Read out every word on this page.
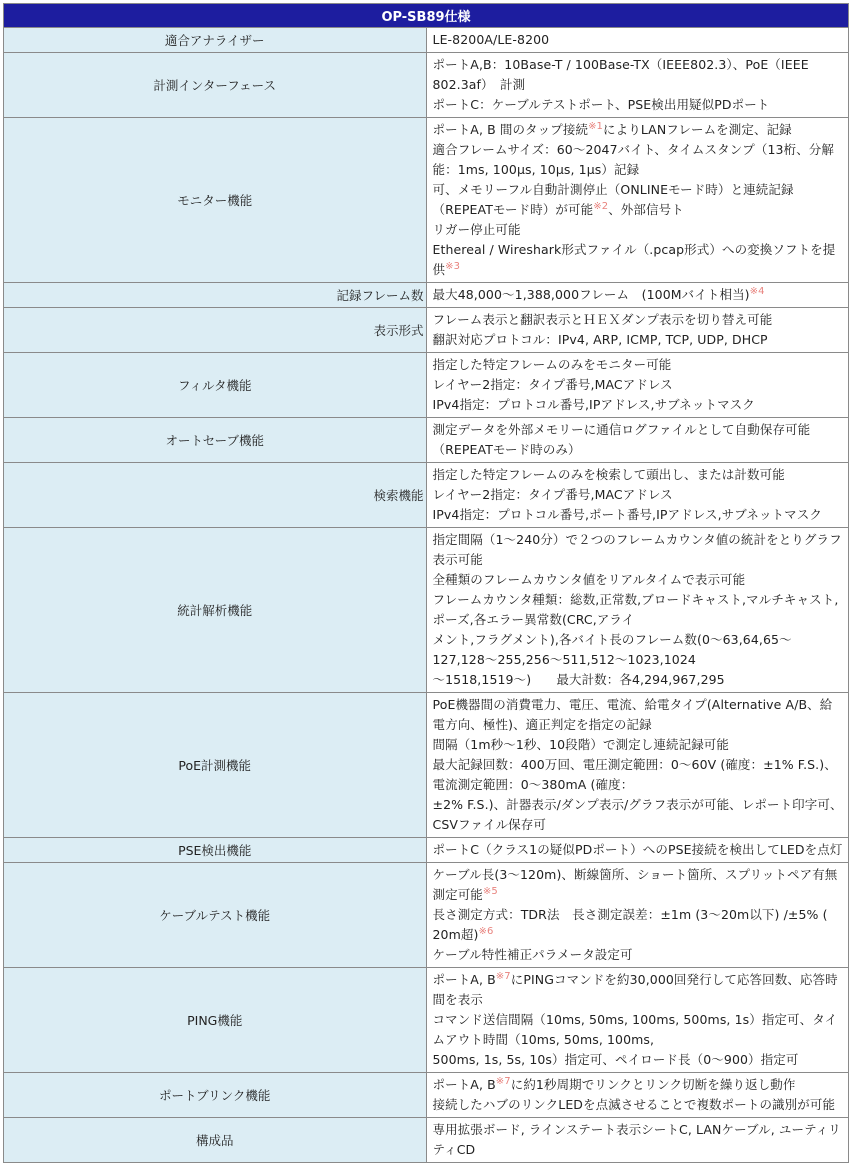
OP-SB89仕様	
適合アナライザー	LE-8200A/LE-8200

計測インターフェース	ポートA,B：10Base-T / 100Base-TX（IEEE802.3）、PoE（IEEE 802.3af）　計測
ポートC：ケーブルテストポート、PSE検出用疑似PDポート

モニター機能	ポートA, B 間のタップ接続$^{※1}$によりLANフレームを測定、記録
適合フレームサイズ：60～2047バイト、タイムスタンプ（13桁、分解能：1ms, 100μs, 10μs, 1μs）記録
可、メモリーフル自動計測停止（ONLINEモード時）と連続記録（REPEATモード時）が可能$^{※2}$、外部信号ト
リガー停止可能
Ethereal / Wireshark形式ファイル（.pcap形式）への変換ソフトを提供$^{※3}$

記録フレーム数	最大48,000～1,388,000フレーム　(100Mバイト相当)$^{※4}$

表示形式	フレーム表示と翻訳表示とＨＥＸダンプ表示を切り替え可能
翻訳対応プロトコル：IPv4, ARP, ICMP, TCP, UDP, DHCP

フィルタ機能	指定した特定フレームのみをモニター可能
レイヤー2指定：タイプ番号,MACアドレス
IPv4指定：プロトコル番号,IPアドレス,サブネットマスク

オートセーブ機能	測定データを外部メモリーに通信ログファイルとして自動保存可能　（REPEATモード時のみ）

検索機能	指定した特定フレームのみを検索して頭出し、または計数可能
レイヤー2指定：タイプ番号,MACアドレス
IPv4指定：プロトコル番号,ポート番号,IPアドレス,サブネットマスク

統計解析機能	指定間隔（1～240分）で２つのフレームカウンタ値の統計をとりグラフ表示可能
全種類のフレームカウンタ値をリアルタイムで表示可能
フレームカウンタ種類：総数,正常数,ブロードキャスト,マルチキャスト,ポーズ,各エラー異常数(CRC,アライ
メント,フラグメント),各バイト長のフレーム数(0～63,64,65～127,128～255,256～511,512～1023,1024
～1518,1519～)　　最大計数：各4,294,967,295

PoE計測機能	PoE機器間の消費電力、電圧、電流、給電タイプ(Alternative A/B、給電方向、極性)、適正判定を指定の記録
間隔（1m秒～1秒、10段階）で測定し連続記録可能
最大記録回数：400万回、電圧測定範囲：0～60V (確度：±1% F.S.)、電流測定範囲：0～380mA (確度：
±2% F.S.)、計器表示/ダンプ表示/グラフ表示が可能、レポート印字可、CSVファイル保存可

PSE検出機能	ポートC（クラス1の疑似PDポート）へのPSE接続を検出してLEDを点灯

ケーブルテスト機能	ケーブル長(3～120m)、断線箇所、ショート箇所、スプリットペア有無測定可能$^{※5}$
長さ測定方式：TDR法　長さ測定誤差：±1m (3～20m以下) /±5% ( 20m超)$^{※6}$
ケーブル特性補正パラメータ設定可

PING機能	ポートA, B$^{※7}$にPINGコマンドを約30,000回発行して応答回数、応答時間を表示
コマンド送信間隔（10ms, 50ms, 100ms, 500ms, 1s）指定可、タイムアウト時間（10ms, 50ms, 100ms,
500ms, 1s, 5s, 10s）指定可、ペイロード長（0～900）指定可

ポートブリンク機能	ポートA, B$^{※7}$に約1秒周期でリンクとリンク切断を繰り返し動作
接続したハブのリンクLEDを点滅させることで複数ポートの識別が可能

構成品	専用拡張ボード, ラインステート表示シートC, LANケーブル, ユーティリティCD
